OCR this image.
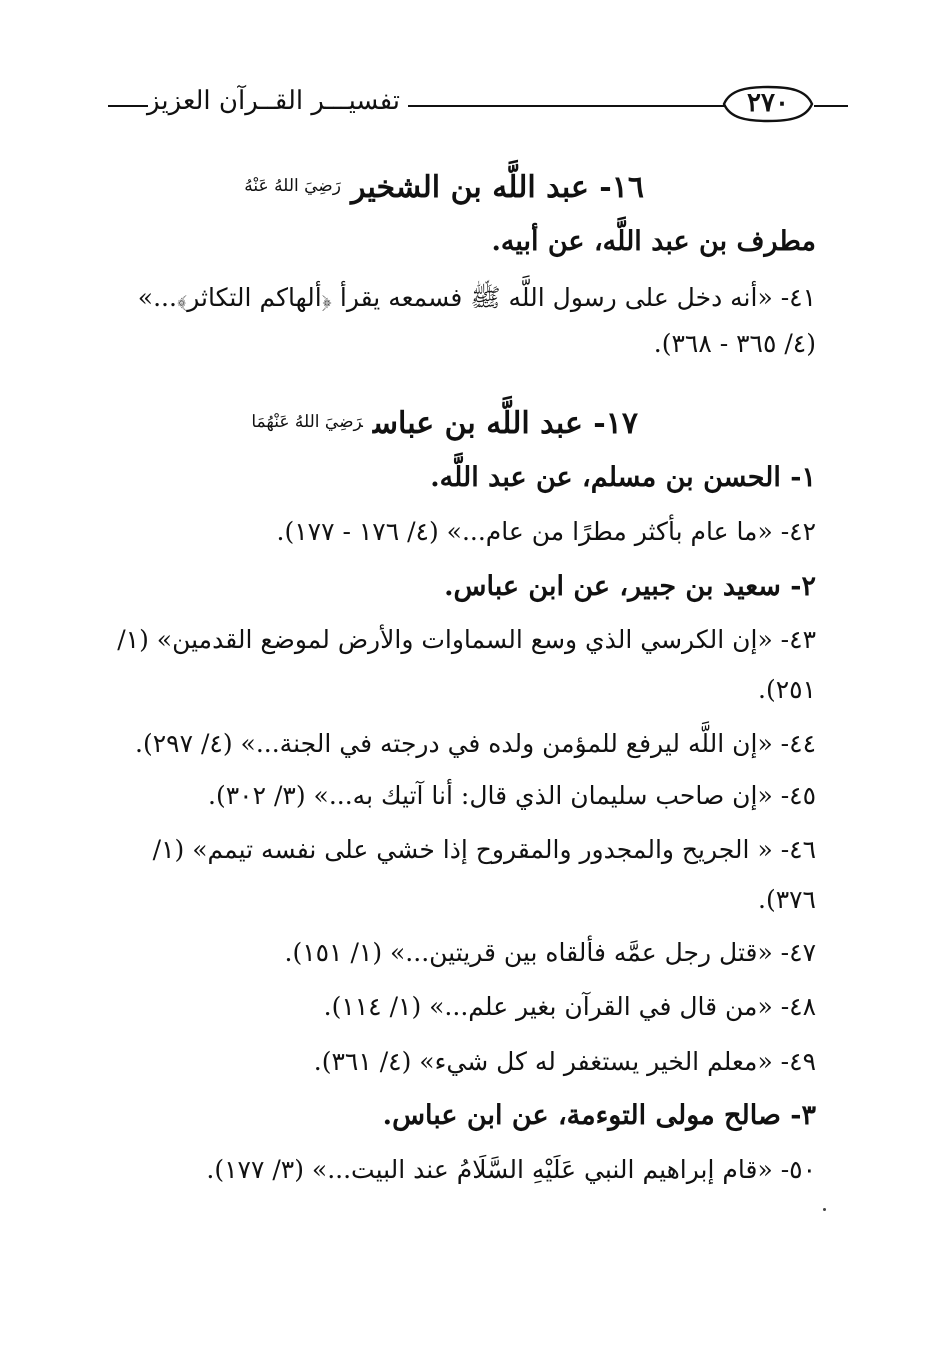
تفسيـــر القــرآن العزيز	٢٧٠
١٦- عبد اللَّه بن الشخير$^{رَضِيَ اللهُ عَنْهُ}$
مطرف بن عبد اللَّه، عن أبيه.
٤١- «أنه دخل على رسول اللَّه ﷺ فسمعه يقرأ ﴿ألهاكم التكاثر﴾...»
(٤/ ٣٦٥ - ٣٦٨).
١٧- عبد اللَّه بن عباس$^{رَضِيَ اللهُ عَنْهُمَا}$
١- الحسن بن مسلم، عن عبد اللَّه.
٤٢- «ما عام بأكثر مطرًا من عام...» (٤/ ١٧٦ - ١٧٧).
٢- سعيد بن جبير، عن ابن عباس.
٤٣- «إن الكرسي الذي وسع السماوات والأرض لموضع القدمين» (١/
٢٥١).
٤٤- «إن اللَّه ليرفع للمؤمن ولده في درجته في الجنة...» (٤/ ٢٩٧).
٤٥- «إن صاحب سليمان الذي قال: أنا آتيك به...» (٣/ ٣٠٢).
٤٦- « الجريح والمجدور والمقروح إذا خشي على نفسه تيمم» (١/
٣٧٦).
٤٧- «قتل رجل عمَّه فألقاه بين قريتين...» (١/ ١٥١).
٤٨- «من قال في القرآن بغير علم...» (١/ ١١٤).
٤٩- «معلم الخير يستغفر له كل شيء» (٤/ ٣٦١).
٣- صالح مولى التوءمة، عن ابن عباس.
٥٠- «قام إبراهيم النبي عَلَيْهِ السَّلَامُ عند البيت...» (٣/ ١٧٧).
